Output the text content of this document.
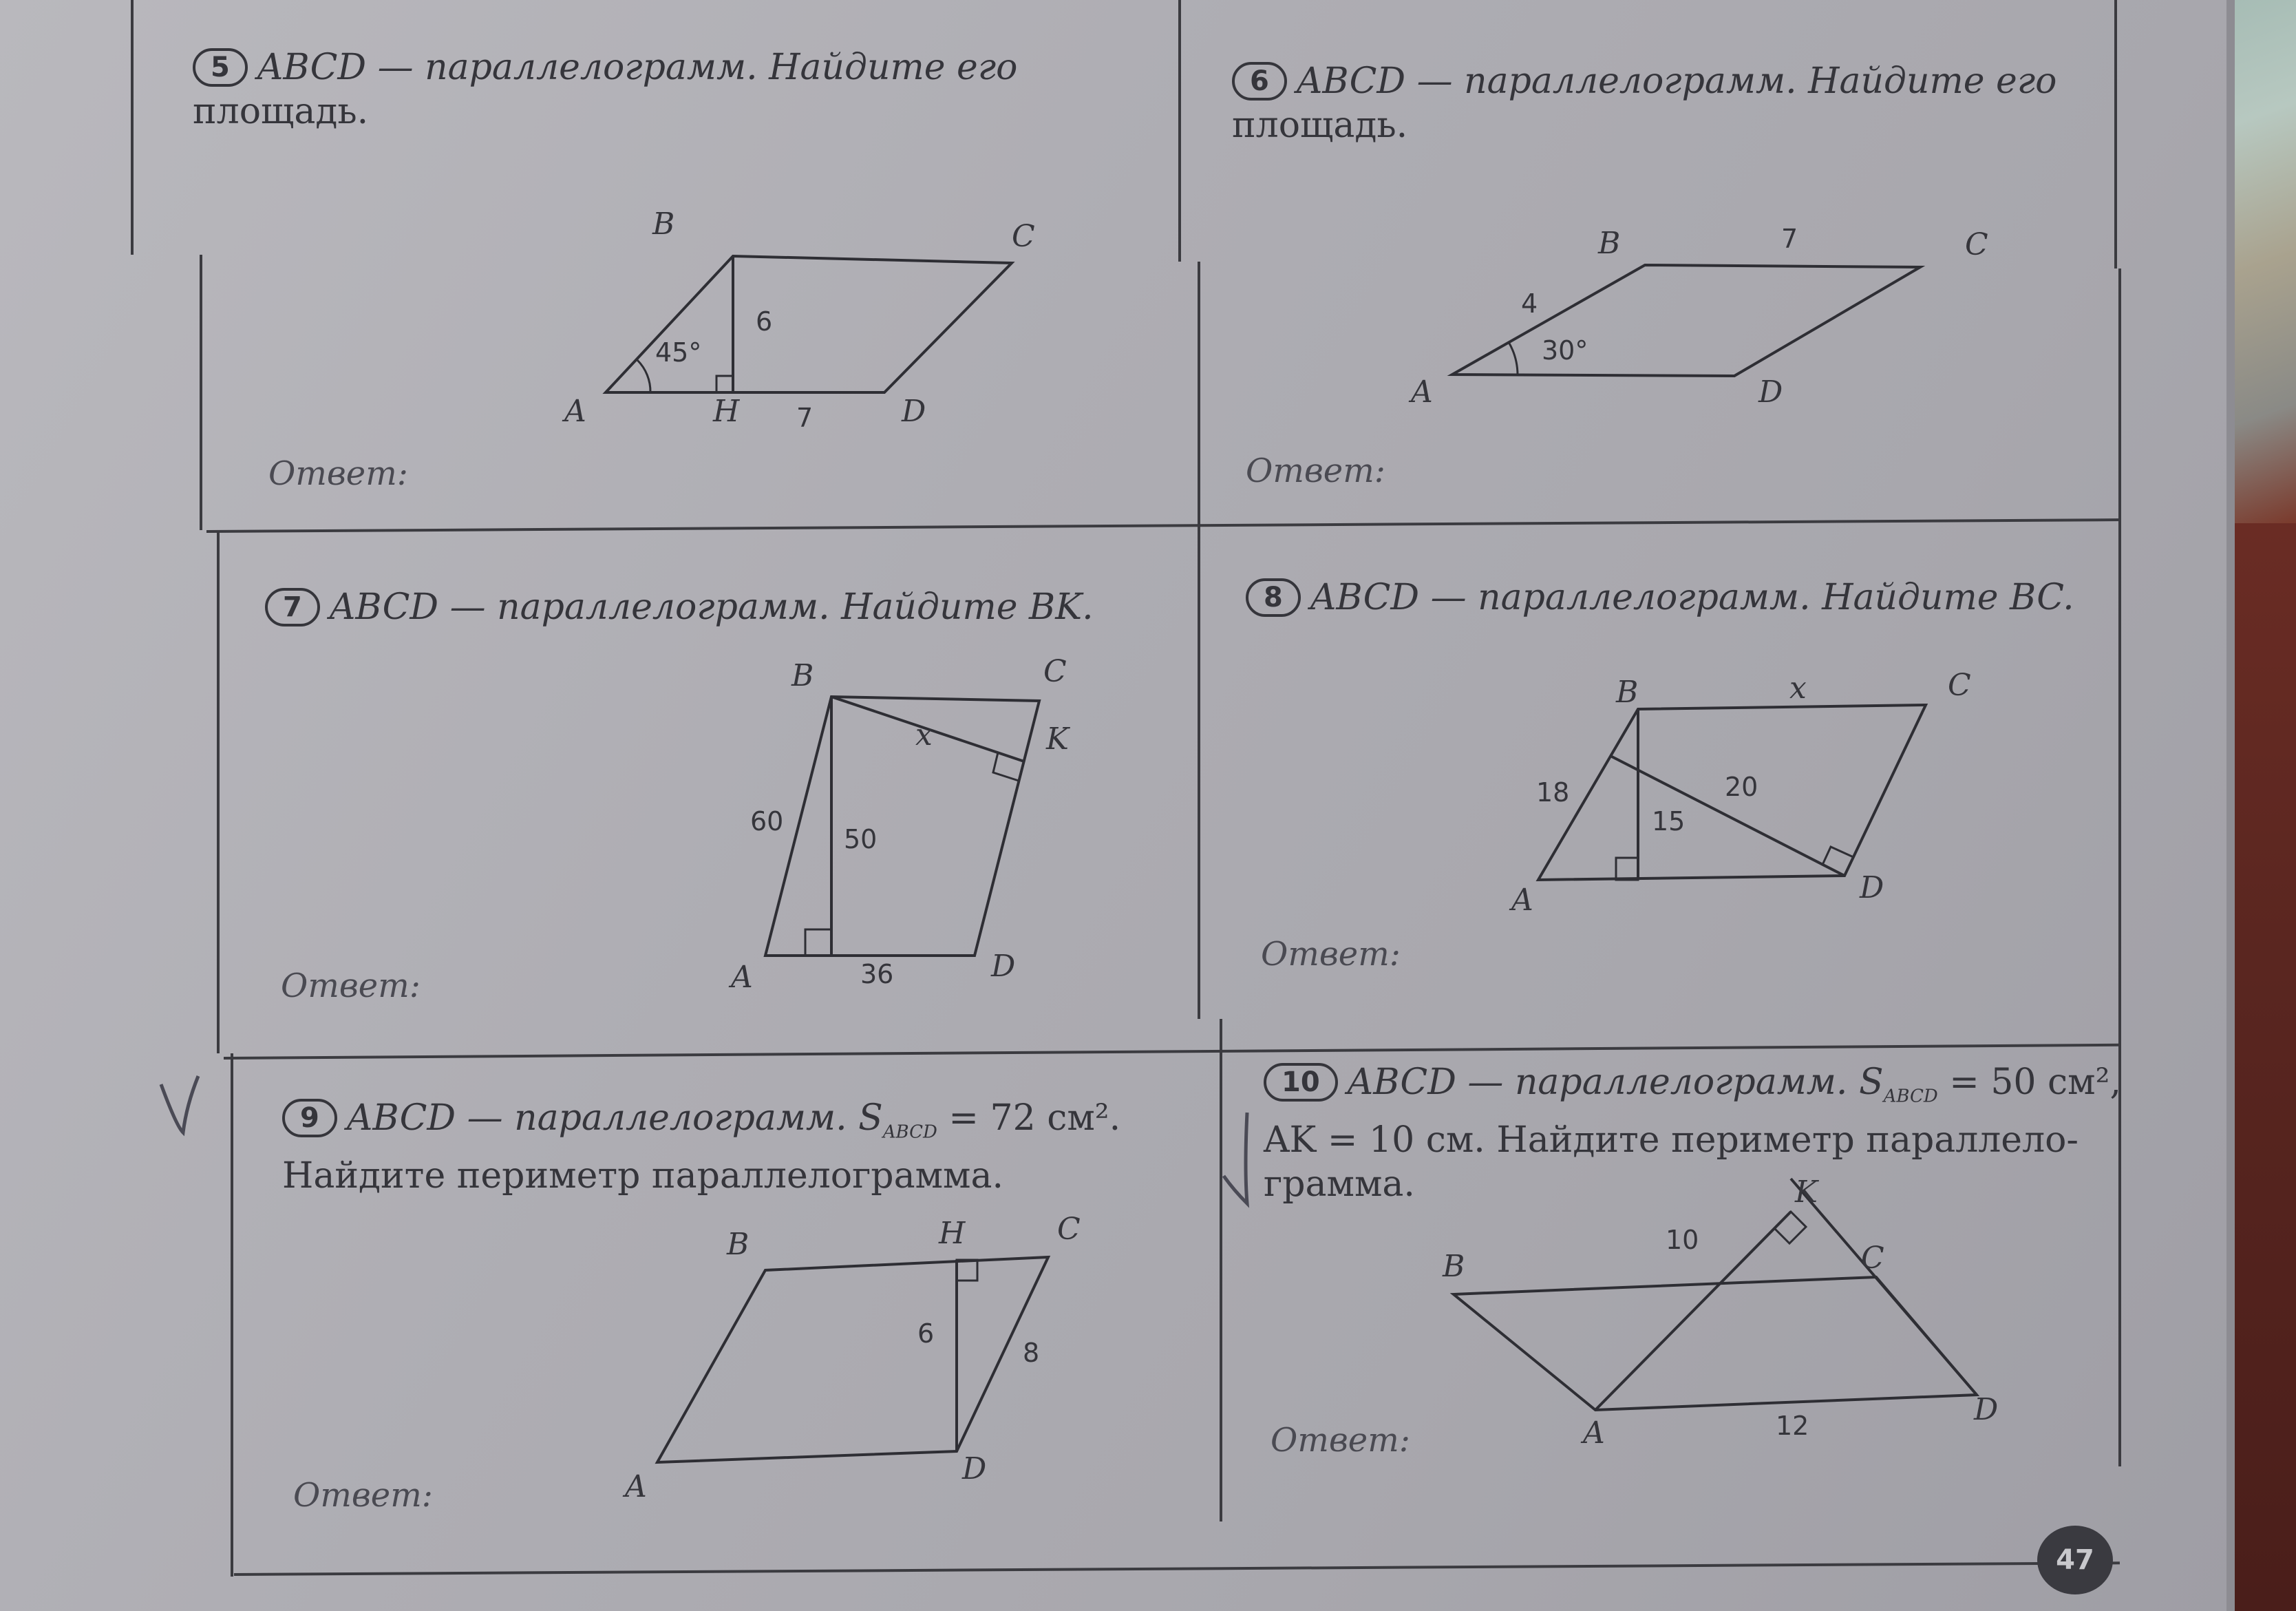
5 ABCD — параллелограмм. Найдите его
площадь.
B	C
A	H	D
6
7
45°
Ответ:
6 ABCD — параллелограмм. Найдите его
площадь.
B	C
A	D
4
7
30°
Ответ:
7 ABCD — параллелограмм. Найдите BK.
B	C
K
A	D
x
60
50
36
Ответ:
8 ABCD — параллелограмм. Найдите BC.
B	C
A	D
x
18	20
15
Ответ:
9 ABCD — параллелограмм. $S_{ABCD} = 72$ см².
Найдите периметр параллелограмма.
B	H	C
A
D
6
8
Ответ:
10 ABCD — параллелограмм. $S_{ABCD} = 50$ см²,
AK = 10 см. Найдите периметр параллело-
грамма.	K
B	C
A
D
10
12
Ответ:
47
